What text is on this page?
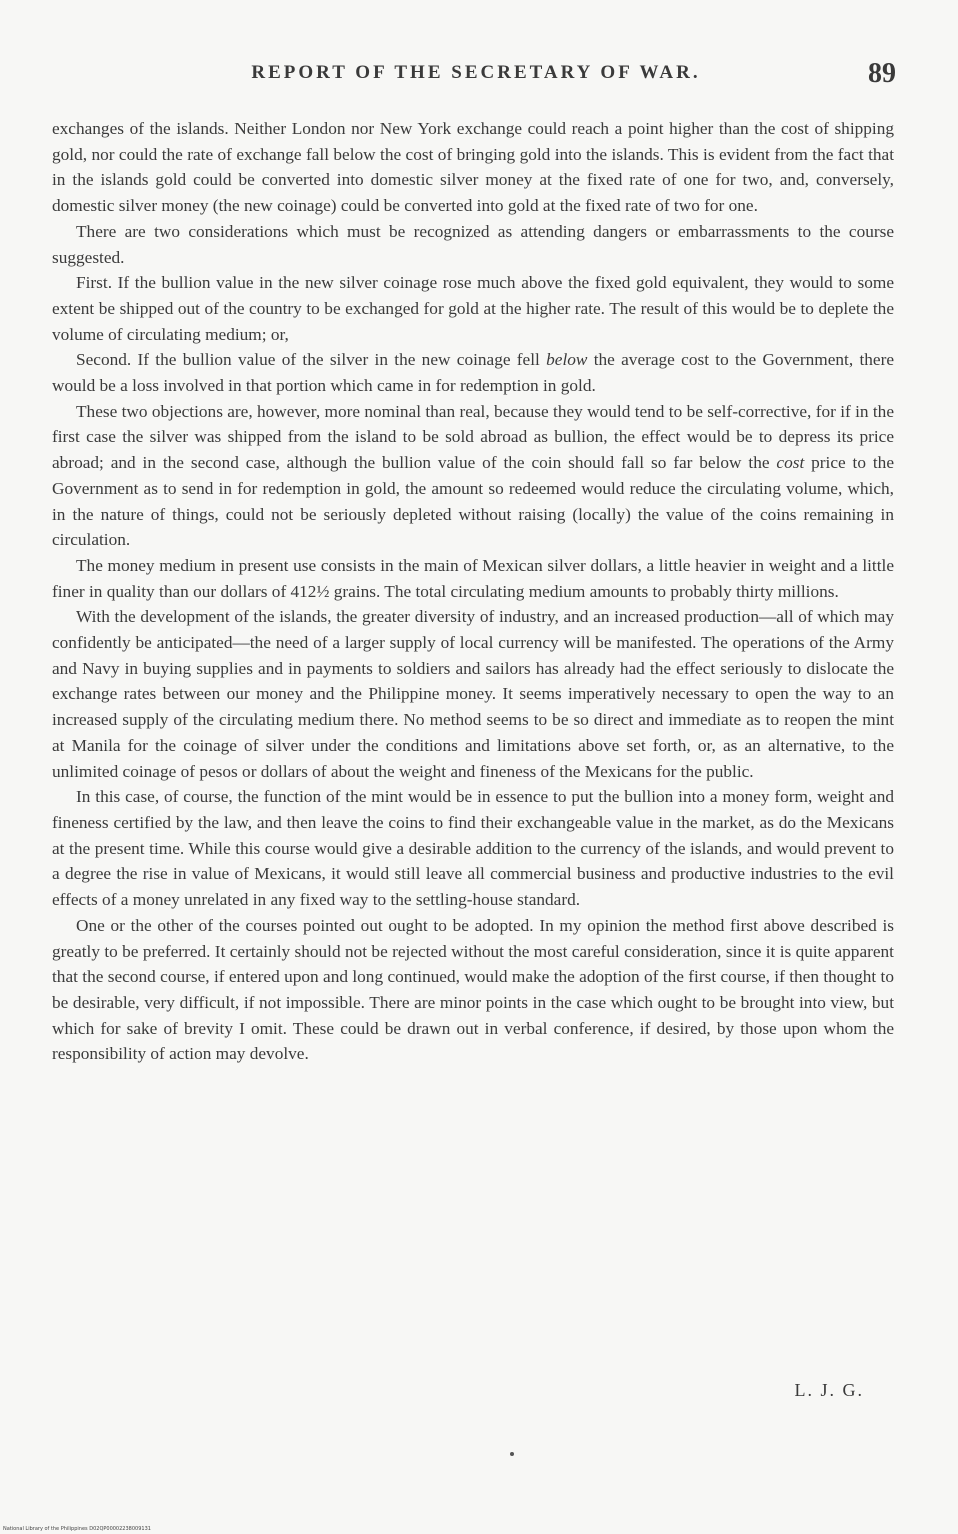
REPORT OF THE SECRETARY OF WAR.	89

exchanges of the islands. Neither London nor New York exchange could reach a point higher than the cost of shipping gold, nor could the rate of exchange fall below the cost of bringing gold into the islands. This is evident from the fact that in the islands gold could be converted into domestic silver money at the fixed rate of one for two, and, conversely, domestic silver money (the new coinage) could be converted into gold at the fixed rate of two for one.

There are two considerations which must be recognized as attending dangers or embarrassments to the course suggested.

First. If the bullion value in the new silver coinage rose much above the fixed gold equivalent, they would to some extent be shipped out of the country to be exchanged for gold at the higher rate. The result of this would be to deplete the volume of circulating medium; or,

Second. If the bullion value of the silver in the new coinage fell below the average cost to the Government, there would be a loss involved in that portion which came in for redemption in gold.

These two objections are, however, more nominal than real, because they would tend to be self-corrective, for if in the first case the silver was shipped from the island to be sold abroad as bullion, the effect would be to depress its price abroad; and in the second case, although the bullion value of the coin should fall so far below the cost price to the Government as to send in for redemption in gold, the amount so redeemed would reduce the circulating volume, which, in the nature of things, could not be seriously depleted without raising (locally) the value of the coins remaining in circulation.

The money medium in present use consists in the main of Mexican silver dollars, a little heavier in weight and a little finer in quality than our dollars of 412½ grains. The total circulating medium amounts to probably thirty millions.

With the development of the islands, the greater diversity of industry, and an increased production—all of which may confidently be anticipated—the need of a larger supply of local currency will be manifested. The operations of the Army and Navy in buying supplies and in payments to soldiers and sailors has already had the effect seriously to dislocate the exchange rates between our money and the Philippine money. It seems imperatively necessary to open the way to an increased supply of the circulating medium there. No method seems to be so direct and immediate as to reopen the mint at Manila for the coinage of silver under the conditions and limitations above set forth, or, as an alternative, to the unlimited coinage of pesos or dollars of about the weight and fineness of the Mexicans for the public.

In this case, of course, the function of the mint would be in essence to put the bullion into a money form, weight and fineness certified by the law, and then leave the coins to find their exchangeable value in the market, as do the Mexicans at the present time. While this course would give a desirable addition to the currency of the islands, and would prevent to a degree the rise in value of Mexicans, it would still leave all commercial business and productive industries to the evil effects of a money unrelated in any fixed way to the settling-house standard.

One or the other of the courses pointed out ought to be adopted. In my opinion the method first above described is greatly to be preferred. It certainly should not be rejected without the most careful consideration, since it is quite apparent that the second course, if entered upon and long continued, would make the adoption of the first course, if then thought to be desirable, very difficult, if not impossible. There are minor points in the case which ought to be brought into view, but which for sake of brevity I omit. These could be drawn out in verbal conference, if desired, by those upon whom the responsibility of action may devolve.

L. J. G.
National Library of the Philippines D02QP00002238009131
